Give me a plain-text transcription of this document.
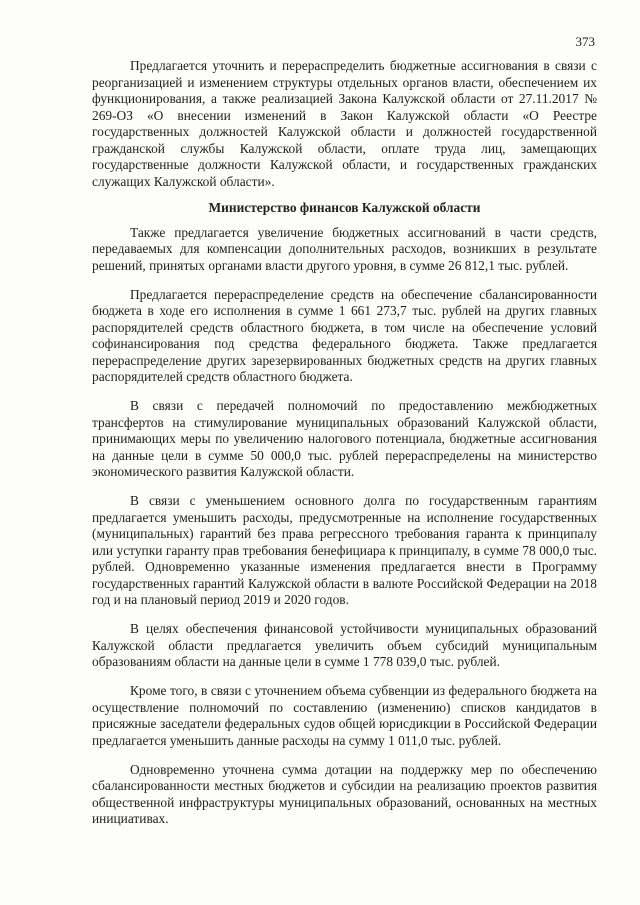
373

Предлагается уточнить и перераспределить бюджетные ассигнования в связи с реорганизацией и изменением структуры отдельных органов власти, обеспечением их функционирования, а также реализацией Закона Калужской области от 27.11.2017 № 269-ОЗ «О внесении изменений в Закон Калужской области «О Реестре государственных должностей Калужской области и должностей государственной гражданской службы Калужской области, оплате труда лиц, замещающих государственные должности Калужской области, и государственных гражданских служащих Калужской области».

Министерство финансов Калужской области

Также предлагается увеличение бюджетных ассигнований в части средств, передаваемых для компенсации дополнительных расходов, возникших в результате решений, принятых органами власти другого уровня, в сумме 26 812,1 тыс. рублей.

Предлагается перераспределение средств на обеспечение сбалансированности бюджета в ходе его исполнения в сумме 1 661 273,7 тыс. рублей на других главных распорядителей средств областного бюджета, в том числе на обеспечение условий софинансирования под средства федерального бюджета. Также предлагается перераспределение других зарезервированных бюджетных средств на других главных распорядителей средств областного бюджета.

В связи с передачей полномочий по предоставлению межбюджетных трансфертов на стимулирование муниципальных образований Калужской области, принимающих меры по увеличению налогового потенциала, бюджетные ассигнования на данные цели в сумме 50 000,0 тыс. рублей перераспределены на министерство экономического развития Калужской области.

В связи с уменьшением основного долга по государственным гарантиям предлагается уменьшить расходы, предусмотренные на исполнение государственных (муниципальных) гарантий без права регрессного требования гаранта к принципалу или уступки гаранту прав требования бенефициара к принципалу, в сумме 78 000,0 тыс. рублей. Одновременно указанные изменения предлагается внести в Программу государственных гарантий Калужской области в валюте Российской Федерации на 2018 год и на плановый период 2019 и 2020 годов.

В целях обеспечения финансовой устойчивости муниципальных образований Калужской области предлагается увеличить объем субсидий муниципальным образованиям области на данные цели в сумме 1 778 039,0 тыс. рублей.

Кроме того, в связи с уточнением объема субвенции из федерального бюджета на осуществление полномочий по составлению (изменению) списков кандидатов в присяжные заседатели федеральных судов общей юрисдикции в Российской Федерации предлагается уменьшить данные расходы на сумму 1 011,0 тыс. рублей.

Одновременно уточнена сумма дотации на поддержку мер по обеспечению сбалансированности местных бюджетов и субсидии на реализацию проектов развития общественной инфраструктуры муниципальных образований, основанных на местных инициативах.
